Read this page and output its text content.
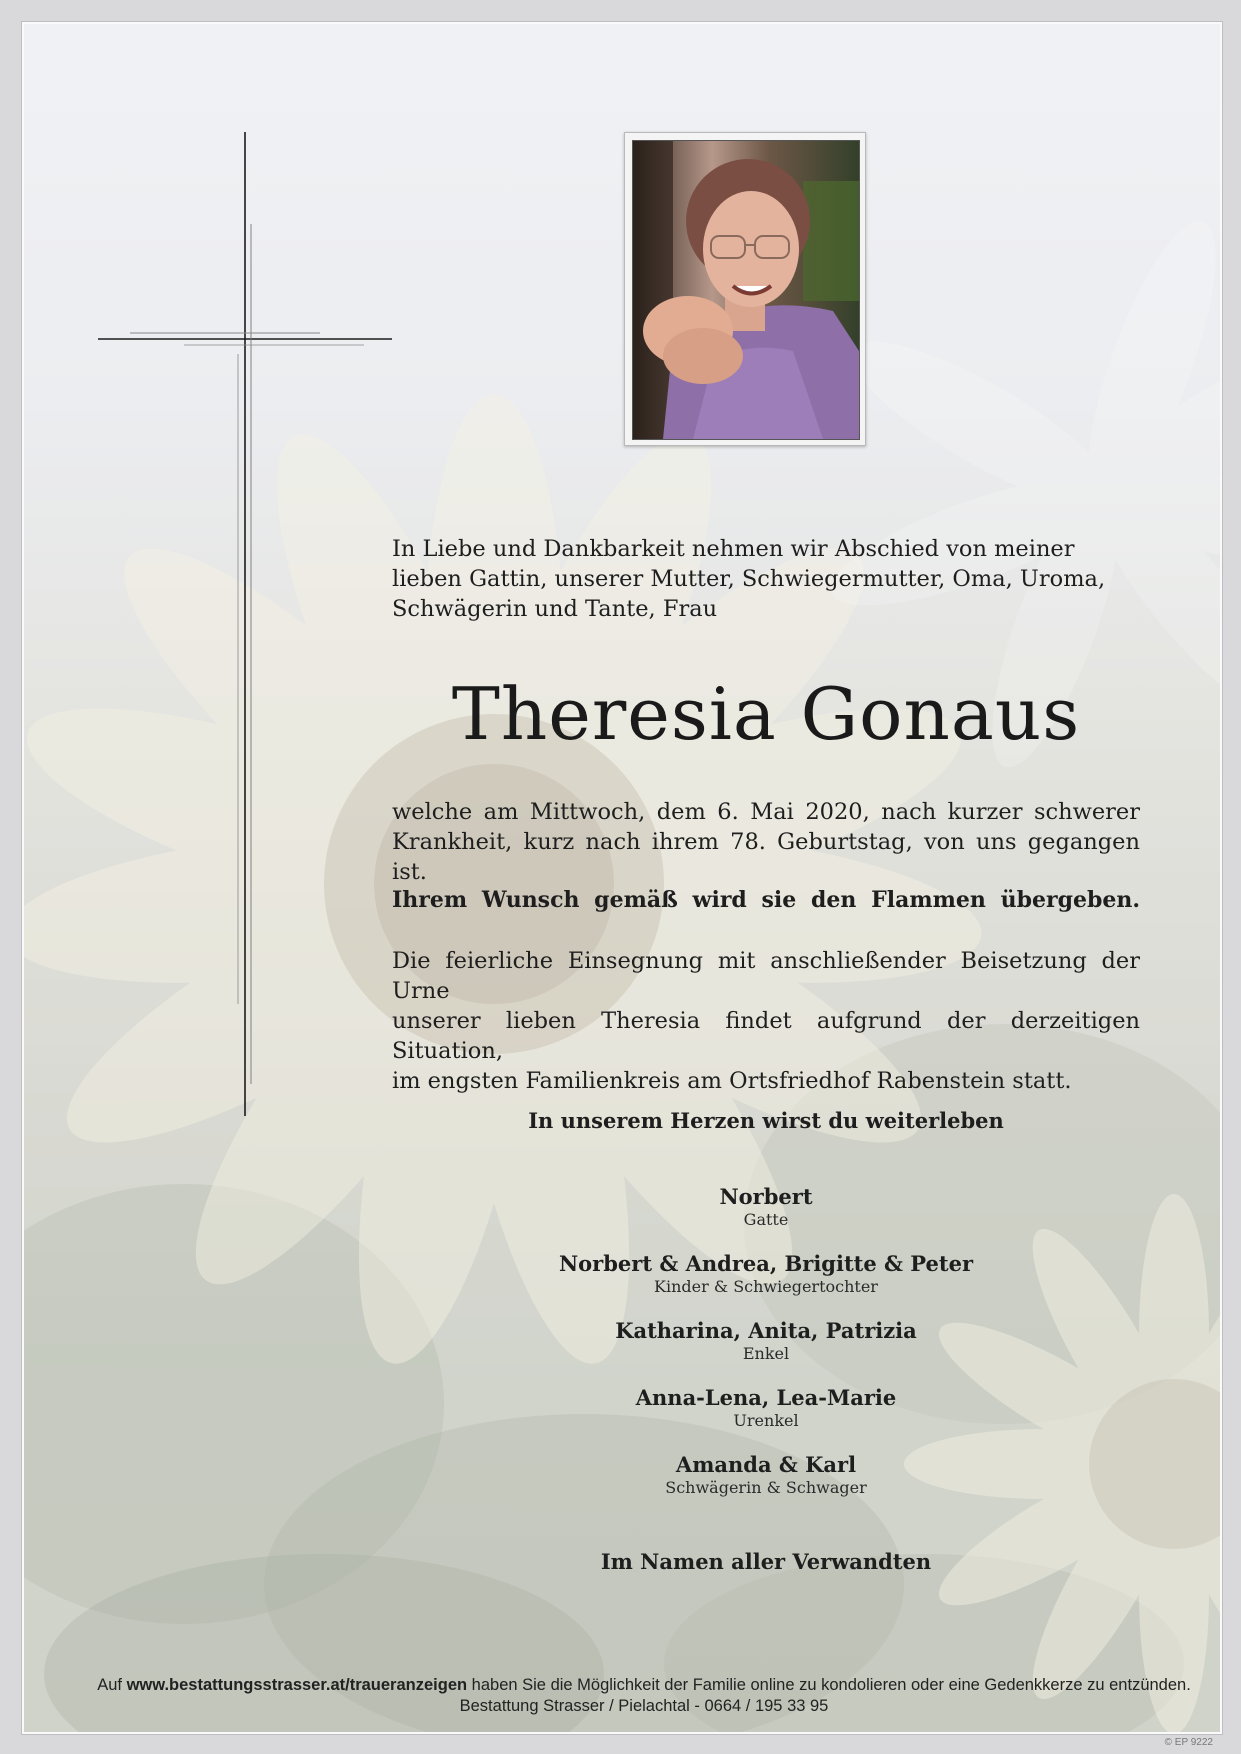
In Liebe und Dankbarkeit nehmen wir Abschied von meiner lieben Gattin, unserer Mutter, Schwiegermutter, Oma, Uroma, Schwägerin und Tante, Frau

Theresia Gonaus

welche am Mittwoch, dem 6. Mai 2020, nach kurzer schwerer Krankheit, kurz nach ihrem 78. Geburtstag, von uns gegangen ist.

Ihrem Wunsch gemäß wird sie den Flammen übergeben.

Die feierliche Einsegnung mit anschließender Beisetzung der Urne
unserer lieben Theresia findet aufgrund der derzeitigen Situation,
im engsten Familienkreis am Ortsfriedhof Rabenstein statt.

In unserem Herzen wirst du weiterleben

Norbert
Gatte
Norbert & Andrea, Brigitte & Peter
Kinder & Schwiegertochter
Katharina, Anita, Patrizia
Enkel
Anna-Lena, Lea-Marie
Urenkel
Amanda & Karl
Schwägerin & Schwager

Im Namen aller Verwandten

Auf www.bestattungsstrasser.at/traueranzeigen haben Sie die Möglichkeit der Familie online zu kondolieren oder eine Gedenkkerze zu entzünden.

Bestattung Strasser / Pielachtal - 0664 / 195 33 95

© EP 9222
